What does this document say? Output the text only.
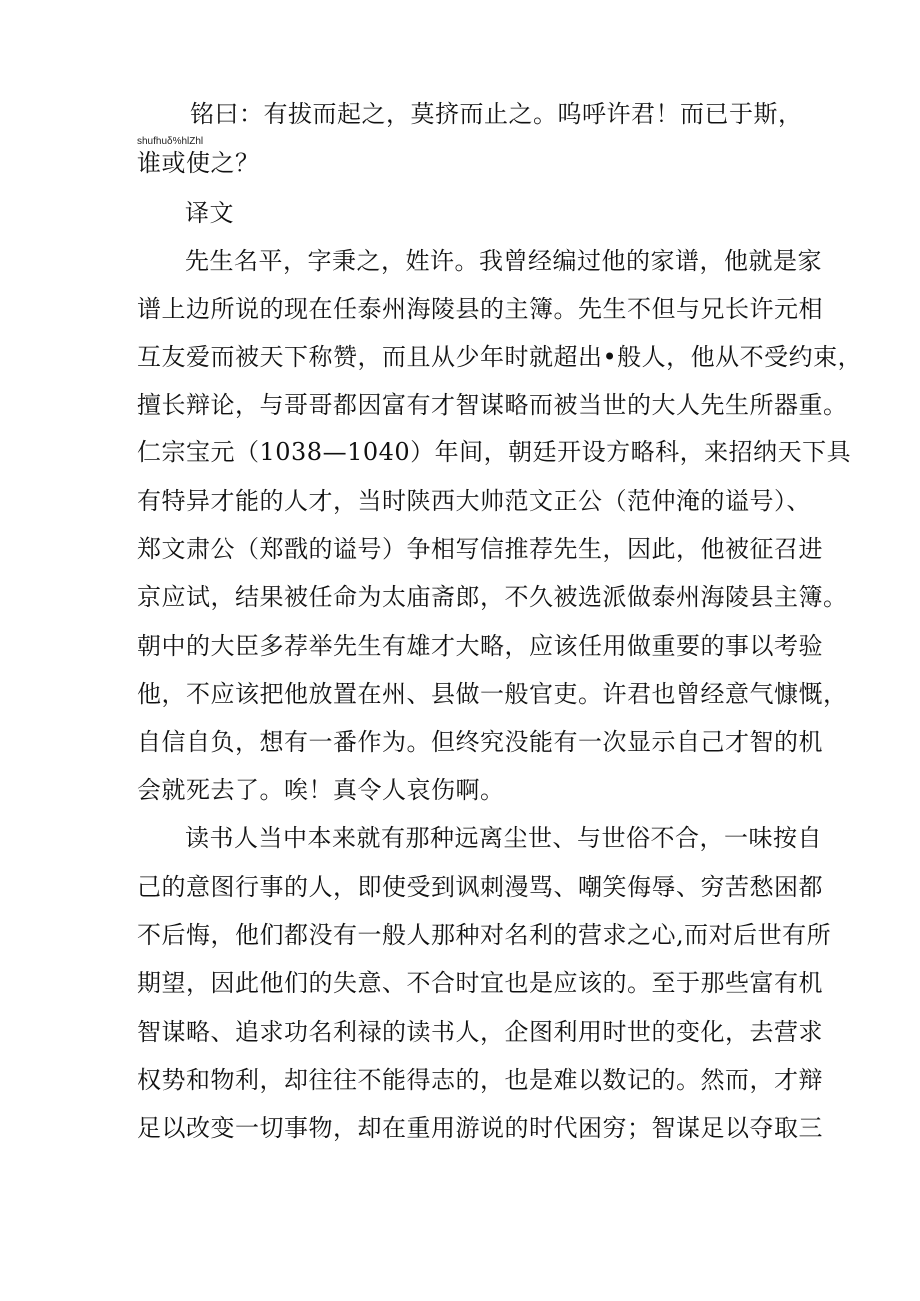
铭曰：有拔而起之，莫挤而止之。呜呼许君！而已于斯，
shufhuδ%hlZhl
谁或使之？
译文
先生名平，字秉之，姓许。我曾经编过他的家谱，他就是家
谱上边所说的现在任泰州海陵县的主簿。先生不但与兄长许元相
互友爱而被天下称赞，而且从少年时就超出•般人，他从不受约束，
擅长辩论，与哥哥都因富有才智谋略而被当世的大人先生所器重。
仁宗宝元（1038—1040）年间，朝廷开设方略科，来招纳天下具
有特异才能的人才，当时陕西大帅范文正公（范仲淹的谥号）、
郑文肃公（郑戬的谥号）争相写信推荐先生，因此，他被征召进
京应试，结果被任命为太庙斋郎，不久被选派做泰州海陵县主簿。
朝中的大臣多荐举先生有雄才大略，应该任用做重要的事以考验
他，不应该把他放置在州、县做一般官吏。许君也曾经意气慷慨，
自信自负，想有一番作为。但终究没能有一次显示自己才智的机
会就死去了。唉！真令人哀伤啊。
读书人当中本来就有那种远离尘世、与世俗不合，一味按自
己的意图行事的人，即使受到讽刺漫骂、嘲笑侮辱、穷苦愁困都
不后悔，他们都没有一般人那种对名利的营求之心,而对后世有所
期望，因此他们的失意、不合时宜也是应该的。至于那些富有机
智谋略、追求功名利禄的读书人，企图利用时世的变化，去营求
权势和物利，却往往不能得志的，也是难以数记的。然而，才辩
足以改变一切事物，却在重用游说的时代困穷；智谋足以夺取三
